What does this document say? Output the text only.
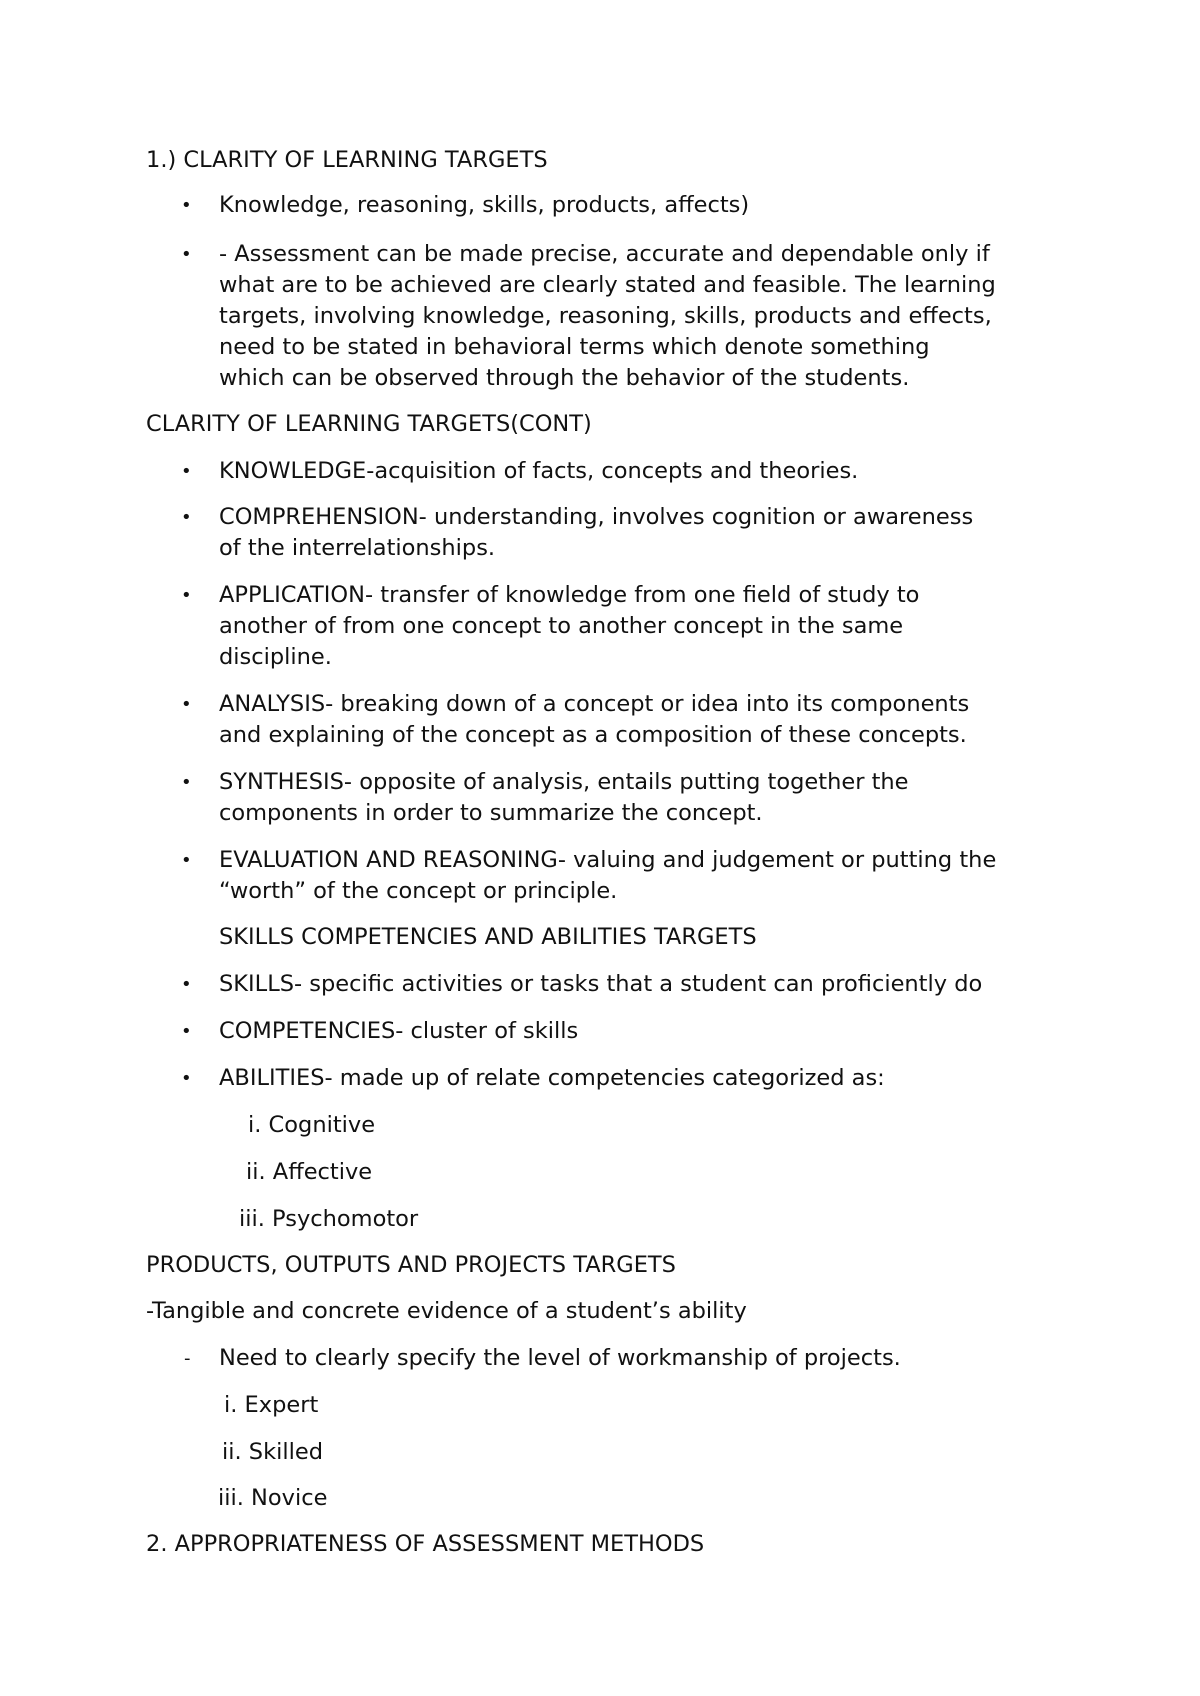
1.) CLARITY OF LEARNING TARGETS
• Knowledge, reasoning, skills, products, affects)
• - Assessment can be made precise, accurate and dependable only if
what are to be achieved are clearly stated and feasible. The learning
targets, involving knowledge, reasoning, skills, products and effects,
need to be stated in behavioral terms which denote something
which can be observed through the behavior of the students.
CLARITY OF LEARNING TARGETS(CONT)
• KNOWLEDGE-acquisition of facts, concepts and theories.
• COMPREHENSION- understanding, involves cognition or awareness
of the interrelationships.
• APPLICATION- transfer of knowledge from one field of study to
another of from one concept to another concept in the same
discipline.
• ANALYSIS- breaking down of a concept or idea into its components
and explaining of the concept as a composition of these concepts.
• SYNTHESIS- opposite of analysis, entails putting together the
components in order to summarize the concept.
• EVALUATION AND REASONING- valuing and judgement or putting the
“worth” of the concept or principle.
SKILLS COMPETENCIES AND ABILITIES TARGETS
• SKILLS- specific activities or tasks that a student can proficiently do
• COMPETENCIES- cluster of skills
• ABILITIES- made up of relate competencies categorized as:
i. Cognitive
ii. Affective
iii. Psychomotor
PRODUCTS, OUTPUTS AND PROJECTS TARGETS
-Tangible and concrete evidence of a student’s ability
- Need to clearly specify the level of workmanship of projects.
i. Expert
ii. Skilled
iii. Novice
2. APPROPRIATENESS OF ASSESSMENT METHODS
